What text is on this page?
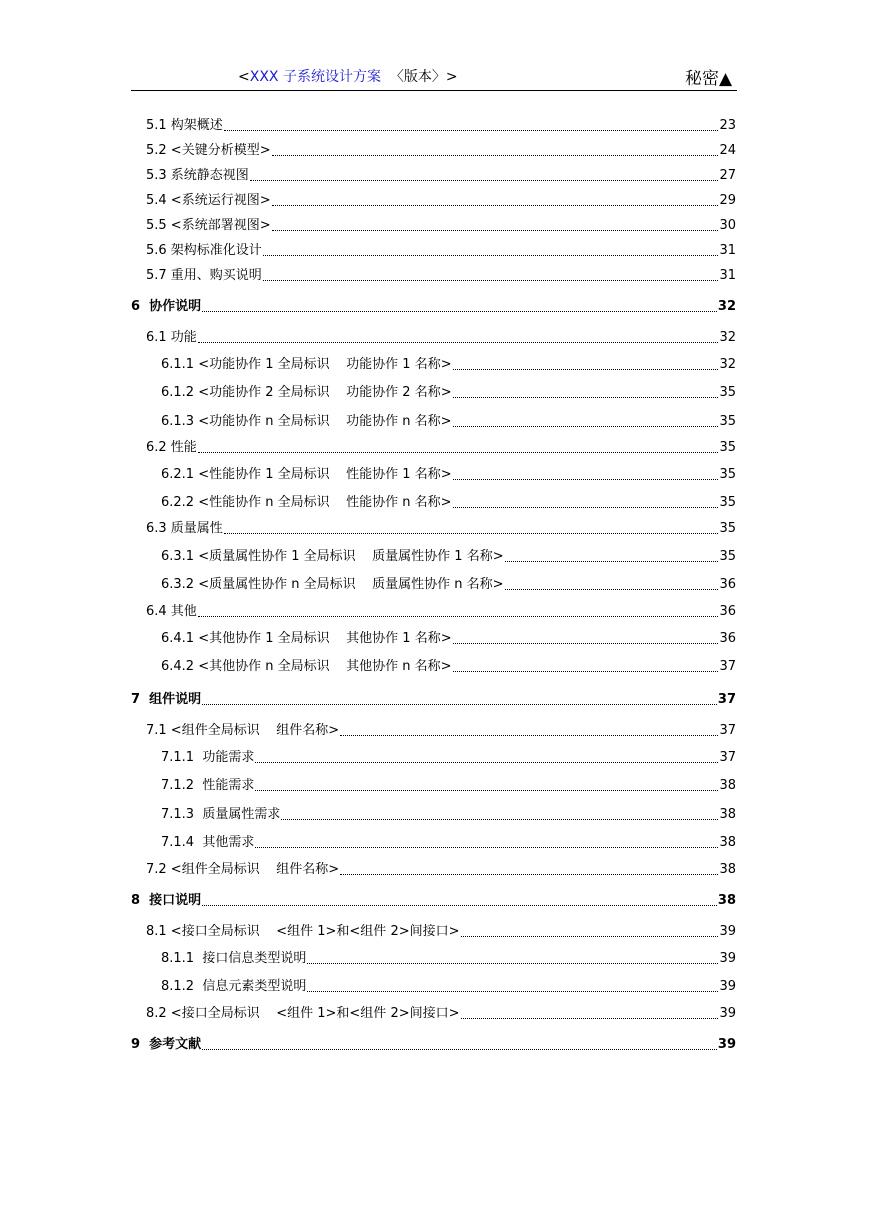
<XXX 子系统设计方案  〈版本〉>	秘密▲
5.1 构架概述	23
5.2 <关键分析模型>	24
5.3 系统静态视图	27
5.4 <系统运行视图>	29
5.5 <系统部署视图>	30
5.6 架构标准化设计	31
5.7 重用、购买说明	31
6  协作说明	32
6.1 功能	32
6.1.1 <功能协作 1 全局标识    功能协作 1 名称>	32
6.1.2 <功能协作 2 全局标识    功能协作 2 名称>	35
6.1.3 <功能协作 n 全局标识    功能协作 n 名称>	35
6.2 性能	35
6.2.1 <性能协作 1 全局标识    性能协作 1 名称>	35
6.2.2 <性能协作 n 全局标识    性能协作 n 名称>	35
6.3 质量属性	35
6.3.1 <质量属性协作 1 全局标识    质量属性协作 1 名称>	35
6.3.2 <质量属性协作 n 全局标识    质量属性协作 n 名称>	36
6.4 其他	36
6.4.1 <其他协作 1 全局标识    其他协作 1 名称>	36
6.4.2 <其他协作 n 全局标识    其他协作 n 名称>	37
7  组件说明	37
7.1 <组件全局标识    组件名称>	37
7.1.1  功能需求	37
7.1.2  性能需求	38
7.1.3  质量属性需求	38
7.1.4  其他需求	38
7.2 <组件全局标识    组件名称>	38
8  接口说明	38
8.1 <接口全局标识    <组件 1>和<组件 2>间接口>	39
8.1.1  接口信息类型说明	39
8.1.2  信息元素类型说明	39
8.2 <接口全局标识    <组件 1>和<组件 2>间接口>	39
9  参考文献	39
